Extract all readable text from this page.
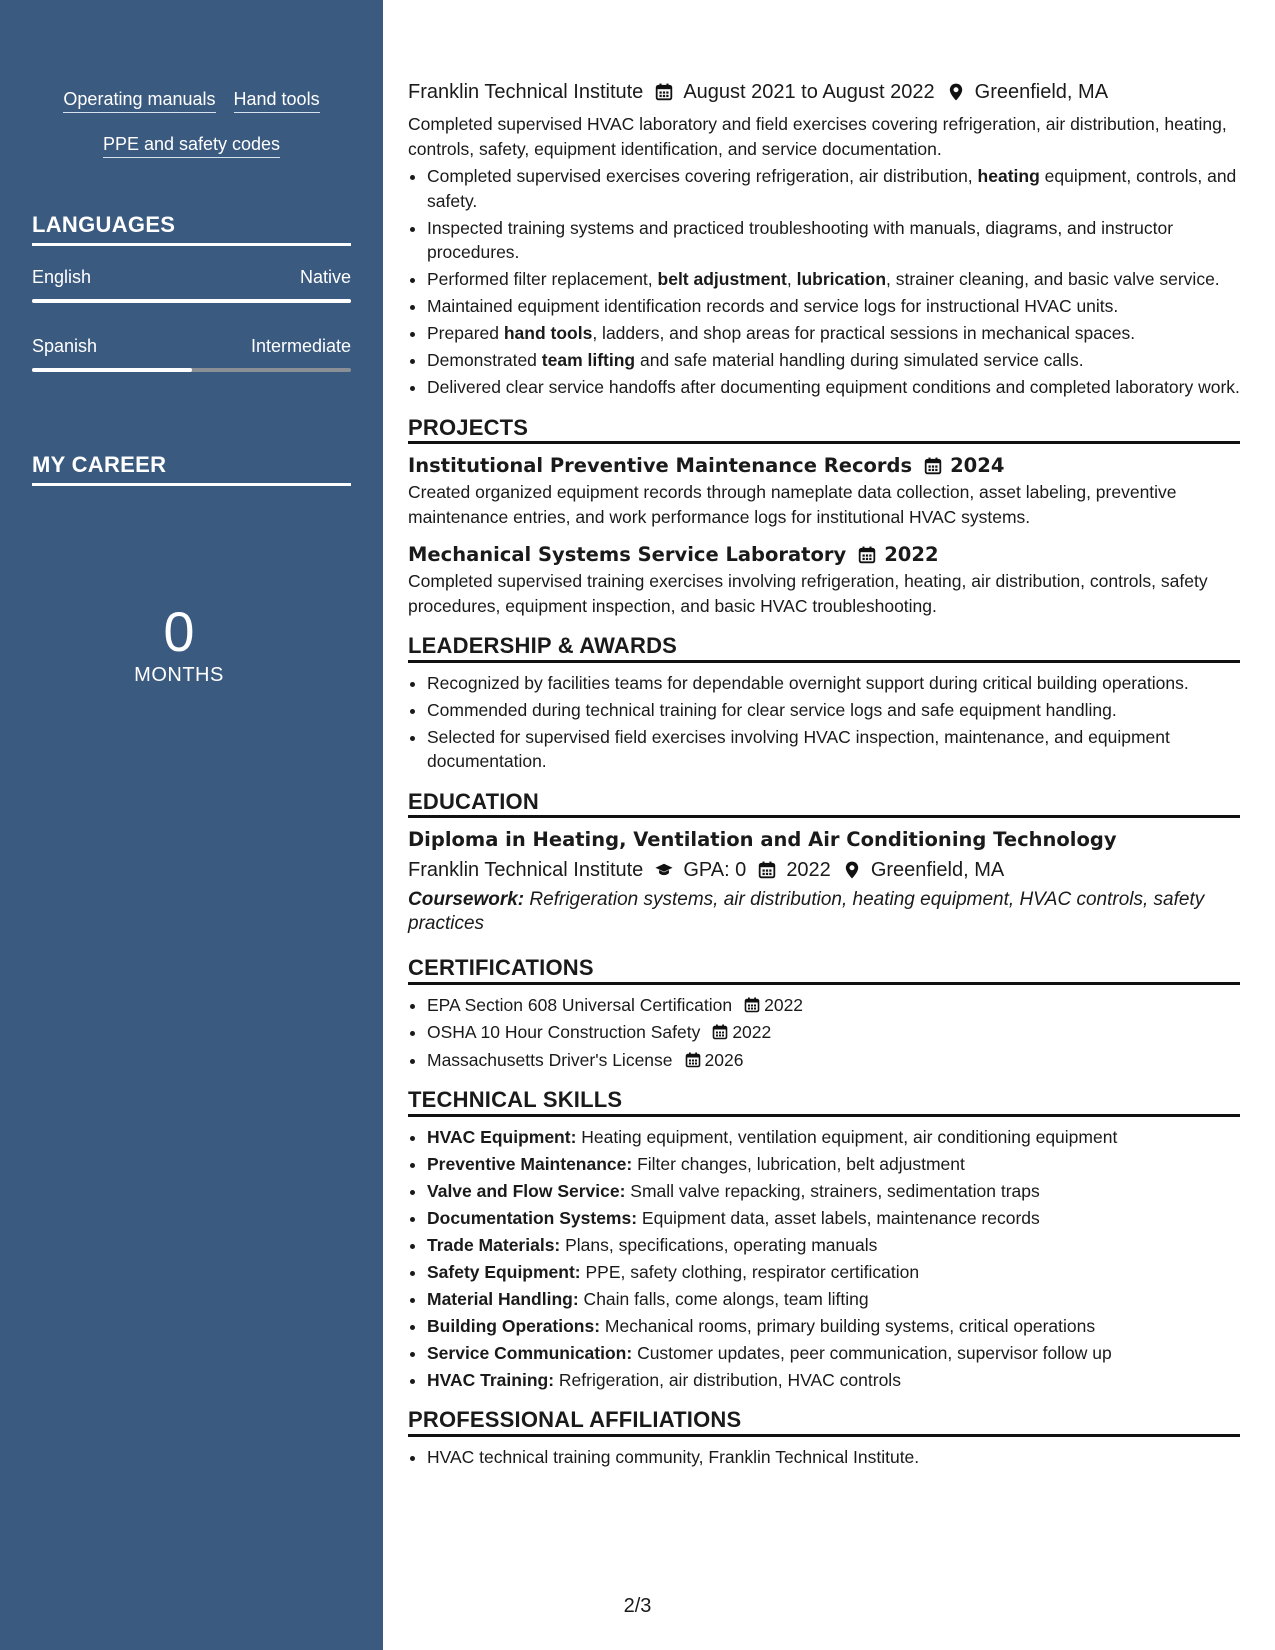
Operating manuals Hand tools
PPE and safety codes
LANGUAGES
English	Native
Spanish	Intermediate
MY CAREER
0
MONTHS
Franklin Technical Institute August 2021 to August 2022 Greenfield, MA

Completed supervised HVAC laboratory and field exercises covering refrigeration, air distribution, heating, controls, safety, equipment identification, and service documentation.

• Completed supervised exercises covering refrigeration, air distribution, heating equipment, controls, and safety.
• Inspected training systems and practiced troubleshooting with manuals, diagrams, and instructor procedures.
• Performed filter replacement, belt adjustment, lubrication, strainer cleaning, and basic valve service.
• Maintained equipment identification records and service logs for instructional HVAC units.
• Prepared hand tools, ladders, and shop areas for practical sessions in mechanical spaces.
• Demonstrated team lifting and safe material handling during simulated service calls.
• Delivered clear service handoffs after documenting equipment conditions and completed laboratory work.
PROJECTS
Institutional Preventive Maintenance Records 2024

Created organized equipment records through nameplate data collection, asset labeling, preventive maintenance entries, and work performance logs for institutional HVAC systems.

Mechanical Systems Service Laboratory 2022

Completed supervised training exercises involving refrigeration, heating, air distribution, controls, safety procedures, equipment inspection, and basic HVAC troubleshooting.

LEADERSHIP & AWARDS
• Recognized by facilities teams for dependable overnight support during critical building operations.
• Commended during technical training for clear service logs and safe equipment handling.
• Selected for supervised field exercises involving HVAC inspection, maintenance, and equipment documentation.
EDUCATION
Diploma in Heating, Ventilation and Air Conditioning Technology
Franklin Technical Institute GPA: 0 2022 Greenfield, MA
Coursework: Refrigeration systems, air distribution, heating equipment, HVAC controls, safety practices
CERTIFICATIONS
• EPA Section 608 Universal Certification 2022
• OSHA 10 Hour Construction Safety 2022
• Massachusetts Driver's License 2026
TECHNICAL SKILLS
• HVAC Equipment: Heating equipment, ventilation equipment, air conditioning equipment
• Preventive Maintenance: Filter changes, lubrication, belt adjustment
• Valve and Flow Service: Small valve repacking, strainers, sedimentation traps
• Documentation Systems: Equipment data, asset labels, maintenance records
• Trade Materials: Plans, specifications, operating manuals
• Safety Equipment: PPE, safety clothing, respirator certification
• Material Handling: Chain falls, come alongs, team lifting
• Building Operations: Mechanical rooms, primary building systems, critical operations
• Service Communication: Customer updates, peer communication, supervisor follow up
• HVAC Training: Refrigeration, air distribution, HVAC controls
PROFESSIONAL AFFILIATIONS
• HVAC technical training community, Franklin Technical Institute.
2/3
